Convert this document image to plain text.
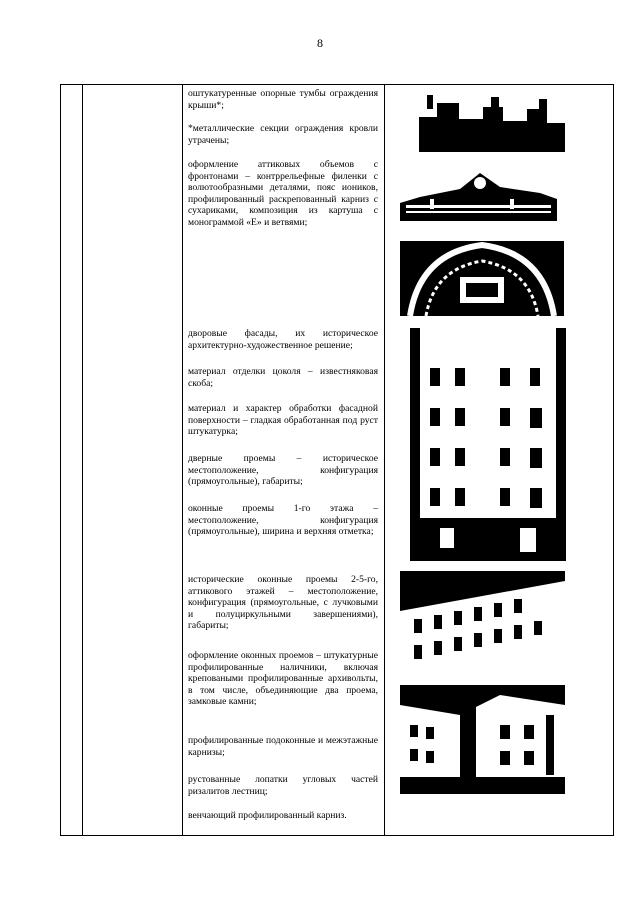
8
оштукатуренные опорные тумбы ограждения крыши*;
*металлические секции ограждения кровли утрачены;
оформление аттиковых объемов с фронтонами – контррельефные филенки с волютообразными деталями, пояс иоников, профилированный раскрепованный карниз с сухариками, композиция из картуша с монограммой «Е» и ветвями;
дворовые фасады, их историческое архитектурно-художественное решение;
материал отделки цоколя – известняковая скоба;
материал и характер обработки фасадной поверхности – гладкая обработанная под руст штукатурка;
дверные проемы – историческое местоположение, конфигурация (прямоугольные), габариты;
оконные проемы 1-го этажа – местоположение, конфигурация (прямоугольные), ширина и верхняя отметка;
исторические оконные проемы 2-5-го, аттикового этажей – местоположение, конфигурация (прямоугольные, с лучковыми и полуциркульными завершениями), габариты;
оформление оконных проемов – штукатурные профилированные наличники, включая креповаными профилированные архивольты, в том числе, объединяющие два проема, замковые камни;
профилированные подоконные и межэтажные карнизы;
рустованные лопатки угловых частей ризалитов лестниц;
венчающий профилированный карниз.
